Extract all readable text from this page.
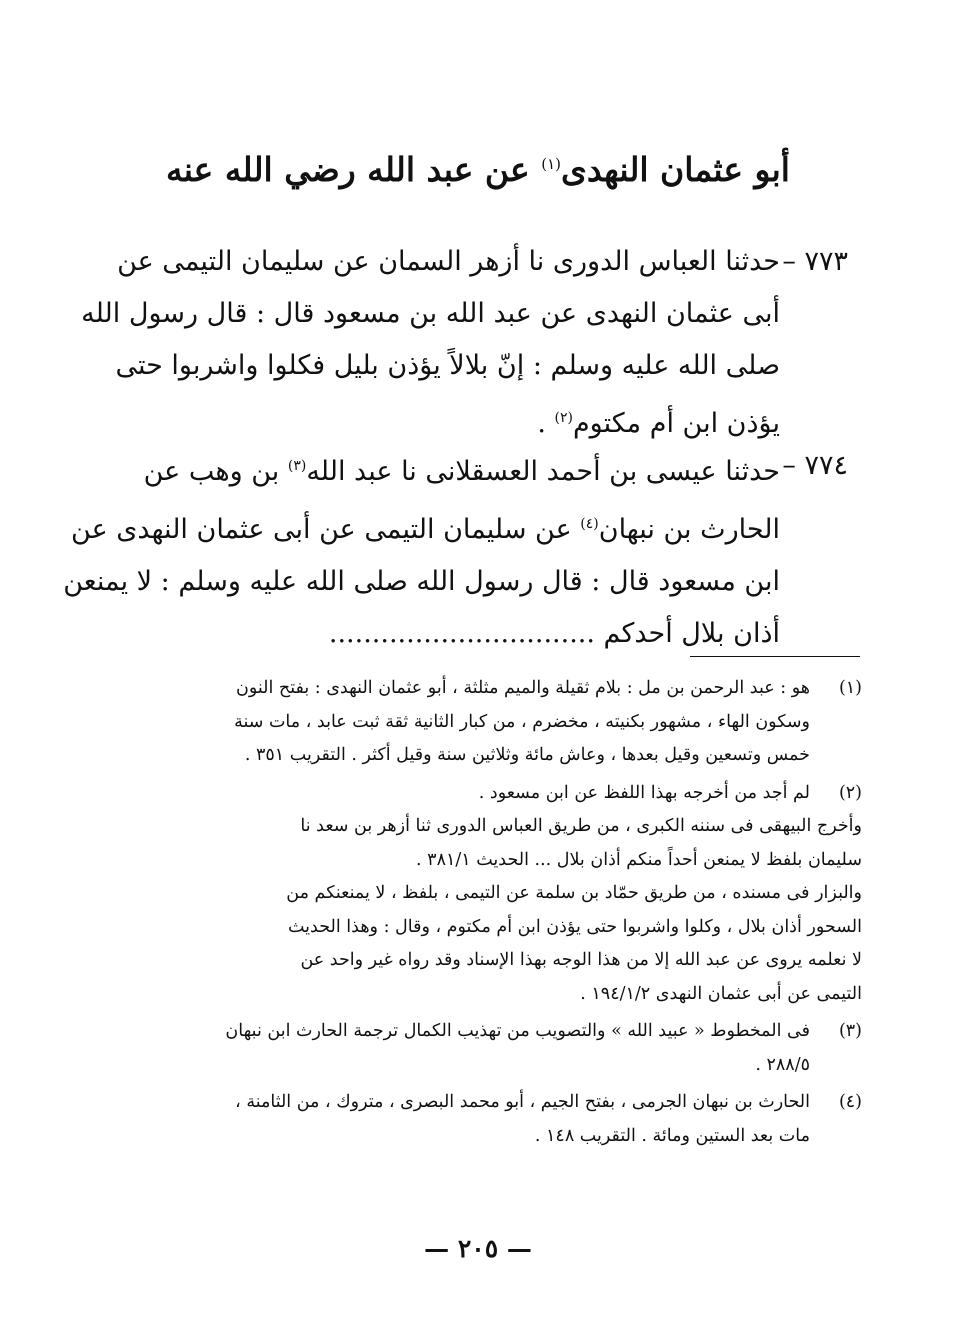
أبو عثمان النهدى$^{(١)}$ عن عبد الله رضي الله عنه
٧٧٣ –
حدثنا العباس الدورى نا أزهر السمان عن سليمان التيمى عن
أبى عثمان النهدى عن عبد الله بن مسعود قال : قال رسول الله
صلى الله عليه وسلم : إنّ بلالاً يؤذن بليل فكلوا واشربوا حتى
يؤذن ابن أم مكتوم$^{(٢)}$ .
٧٧٤ –
حدثنا عيسى بن أحمد العسقلانى نا عبد الله$^{(٣)}$ بن وهب عن
الحارث بن نبهان$^{(٤)}$ عن سليمان التيمى عن أبى عثمان النهدى عن
ابن مسعود قال : قال رسول الله صلى الله عليه وسلم : لا يمنعن
أذان بلال أحدكم ...............................
(١)
هو : عبد الرحمن بن مل : بلام ثقيلة والميم مثلثة ، أبو عثمان النهدى : بفتح النون
وسكون الهاء ، مشهور بكنيته ، مخضرم ، من كبار الثانية ثقة ثبت عابد ، مات سنة
خمس وتسعين وقيل بعدها ، وعاش مائة وثلاثين سنة وقيل أكثر . التقريب ٣٥١ .
(٢)
لم أجد من أخرجه بهذا اللفظ عن ابن مسعود .
وأخرج البيهقى فى سننه الكبرى ، من طريق العباس الدورى ثنا أزهر بن سعد نا
سليمان بلفظ لا يمنعن أحداً منكم أذان بلال ... الحديث ٣٨١/١ .
والبزار فى مسنده ، من طريق حمّاد بن سلمة عن التيمى ، بلفظ ، لا يمنعنكم من
السحور أذان بلال ، وكلوا واشربوا حتى يؤذن ابن أم مكتوم ، وقال : وهذا الحديث
لا نعلمه يروى عن عبد الله إلا من هذا الوجه بهذا الإسناد وقد رواه غير واحد عن
التيمى عن أبى عثمان النهدى ١٩٤/١/٢ .
(٣)
فى المخطوط « عبيد الله » والتصويب من تهذيب الكمال ترجمة الحارث ابن نبهان
٢٨٨/٥ .
(٤)
الحارث بن نبهان الجرمى ، بفتح الجيم ، أبو محمد البصرى ، متروك ، من الثامنة ،
مات بعد الستين ومائة . التقريب ١٤٨ .
— ٢٠٥ —
